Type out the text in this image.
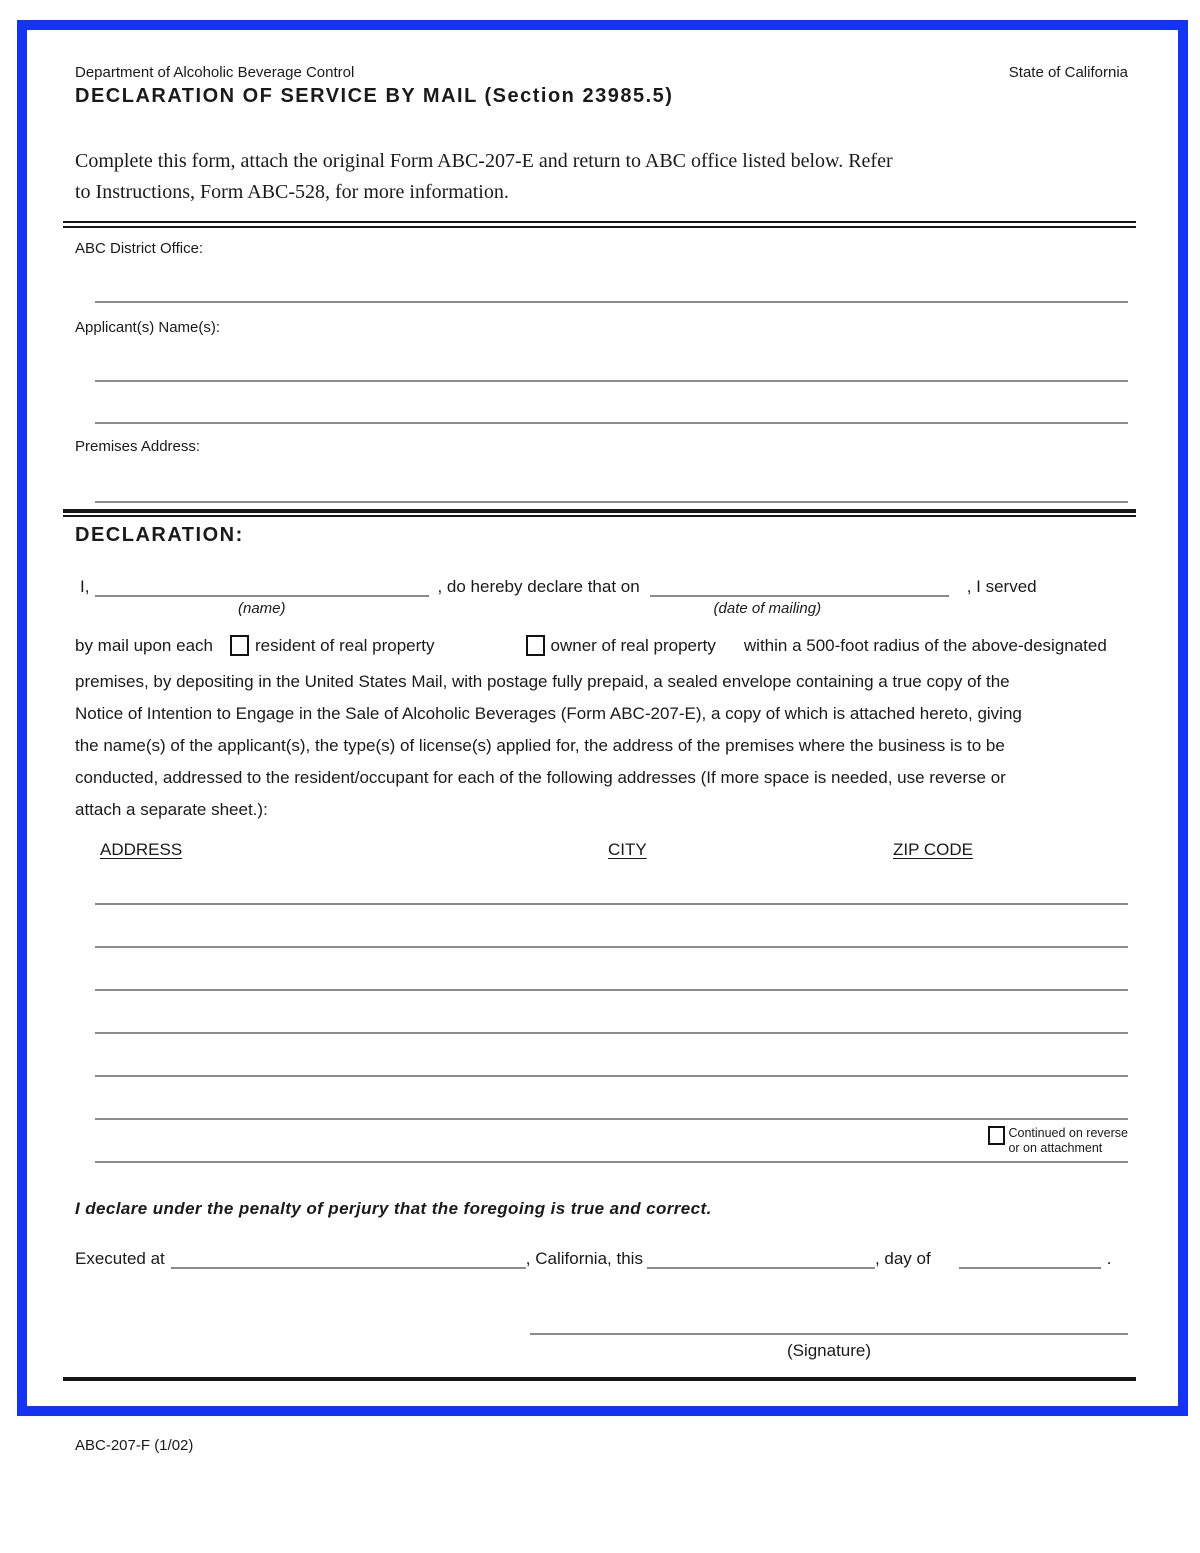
Department of Alcoholic Beverage Control	State of California
DECLARATION OF SERVICE BY MAIL (Section 23985.5)
Complete this form, attach the original Form ABC-207-E and return to ABC office listed below. Refer
to Instructions, Form ABC-528, for more information.
ABC District Office:
Applicant(s) Name(s):
Premises Address:
DECLARATION:
I,	, do hereby declare that on	, I served
(name)	(date of mailing)
by mail upon each resident of real property	owner of real property within a 500-foot radius of the above-designated
premises, by depositing in the United States Mail, with postage fully prepaid, a sealed envelope containing a true copy of the
Notice of Intention to Engage in the Sale of Alcoholic Beverages (Form ABC-207-E), a copy of which is attached hereto, giving
the name(s) of the applicant(s), the type(s) of license(s) applied for, the address of the premises where the business is to be
conducted, addressed to the resident/occupant for each of the following addresses (If more space is needed, use reverse or
attach a separate sheet.):
ADDRESS	CITY	ZIP CODE
Continued on reverse
or on attachment
I declare under the penalty of perjury that the foregoing is true and correct.
Executed at	, California, this	, day of	.
(Signature)
ABC-207-F (1/02)
